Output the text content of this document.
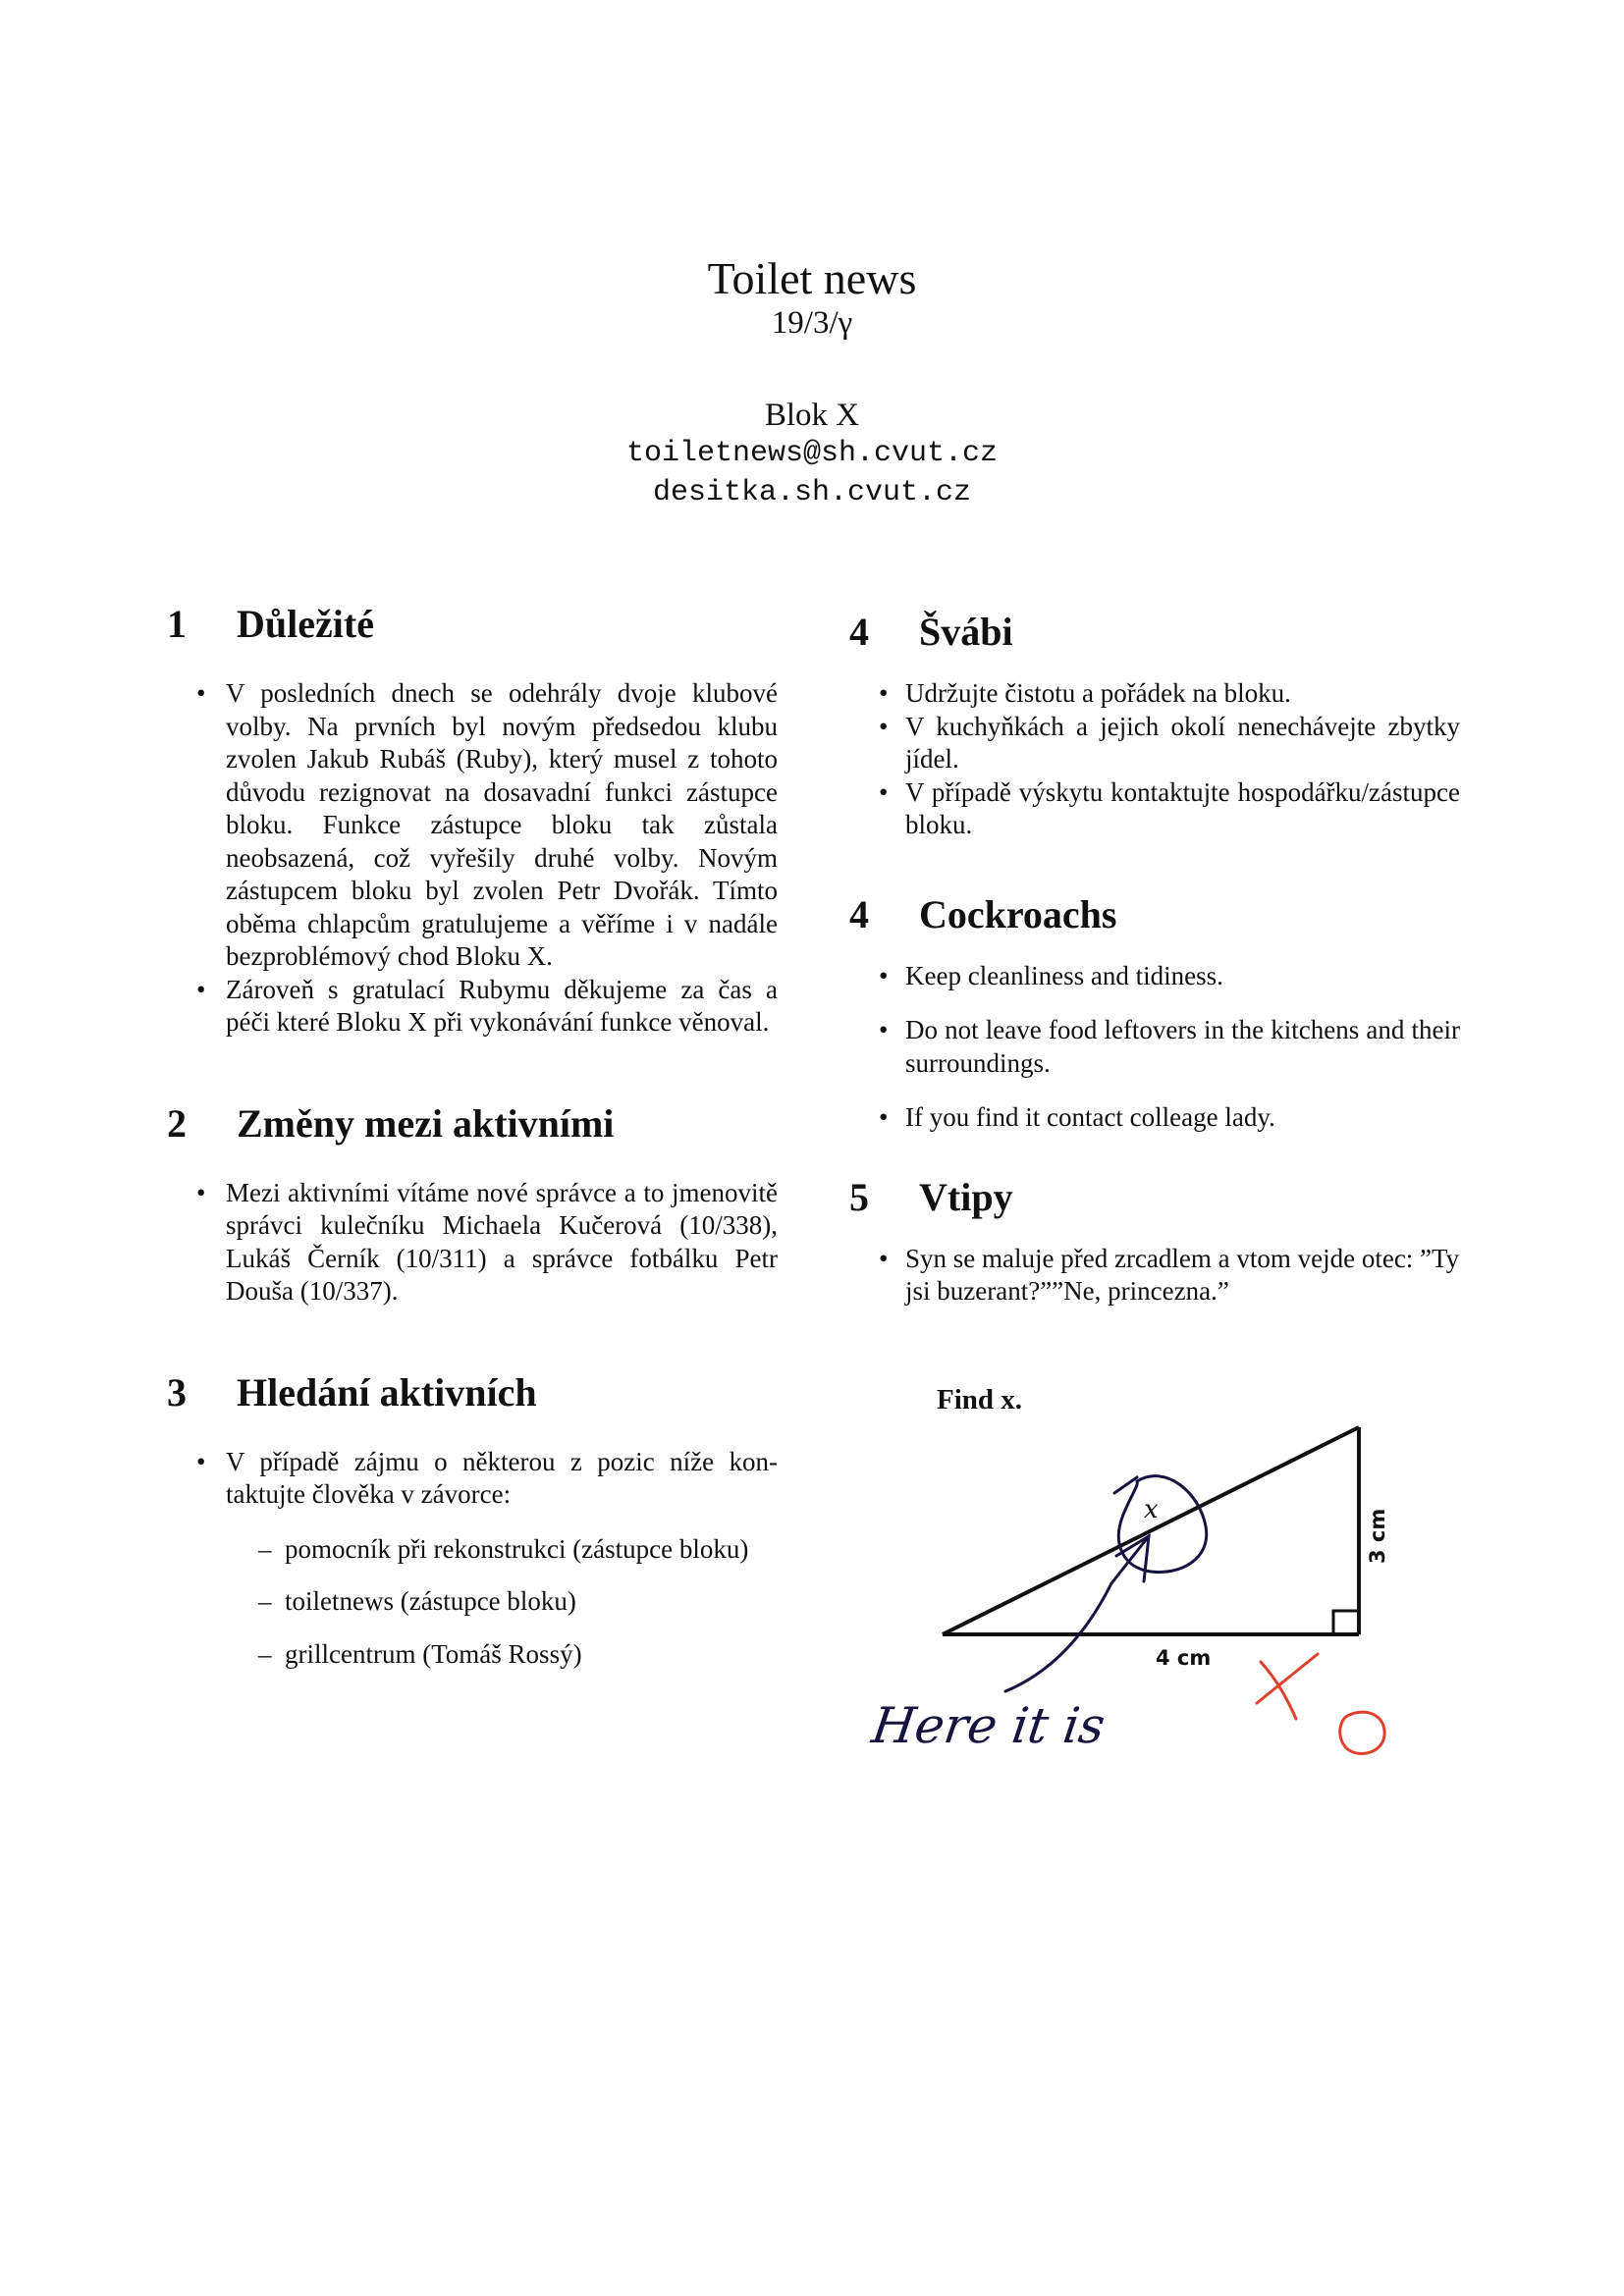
Toilet news
19/3/γ
Blok X
toiletnews@sh.cvut.cz
desitka.sh.cvut.cz
1	Důležité
• V posledních dnech se odehrály dvoje klubové volby. Na prvních byl novým předsedou klubu zvolen Jakub Rubáš (Ruby), který musel z tohoto důvodu rezignovat na dosavadní funkci zástupce bloku. Funkce zástupce bloku tak zůstala neobsazená, což vyřešily druhé volby. Novým zástupcem bloku byl zvolen Petr Dvořák. Tímto oběma chlapcům gratulujeme a věříme i v nadále bezproblémový chod Bloku X.
• Zároveň s gratulací Rubymu děkujeme za čas a péči které Bloku X při vykonávání funkce věnoval.
2	Změny mezi aktivními
• Mezi aktivními vítáme nové správce a to jmenovitě správci kulečníku Michaela Kučerová (10/338), Lukáš Černík (10/311) a správce fotbálku Petr Douša (10/337).
3	Hledání aktivních
• V případě zájmu o některou z pozic níže kontaktujte člověka v závorce:
– pomocník při rekonstrukci (zástupce bloku)
– toiletnews (zástupce bloku)
– grillcentrum (Tomáš Rossý)
4	Švábi
• Udržujte čistotu a pořádek na bloku.
• V kuchyňkách a jejich okolí nenechávejte zbytky jídel.
• V případě výskytu kontaktujte hospodářku/zástupce bloku.
4	Cockroachs
• Keep cleanliness and tidiness.
• Do not leave food leftovers in the kitchens and their surroundings.
• If you find it contact colleage lady.
5	Vtipy
• Syn se maluje před zrcadlem a vtom vejde otec: ”Ty jsi buzerant?””Ne, princezna.”
Find x.
4 cm
3 cm
x
Here it is
